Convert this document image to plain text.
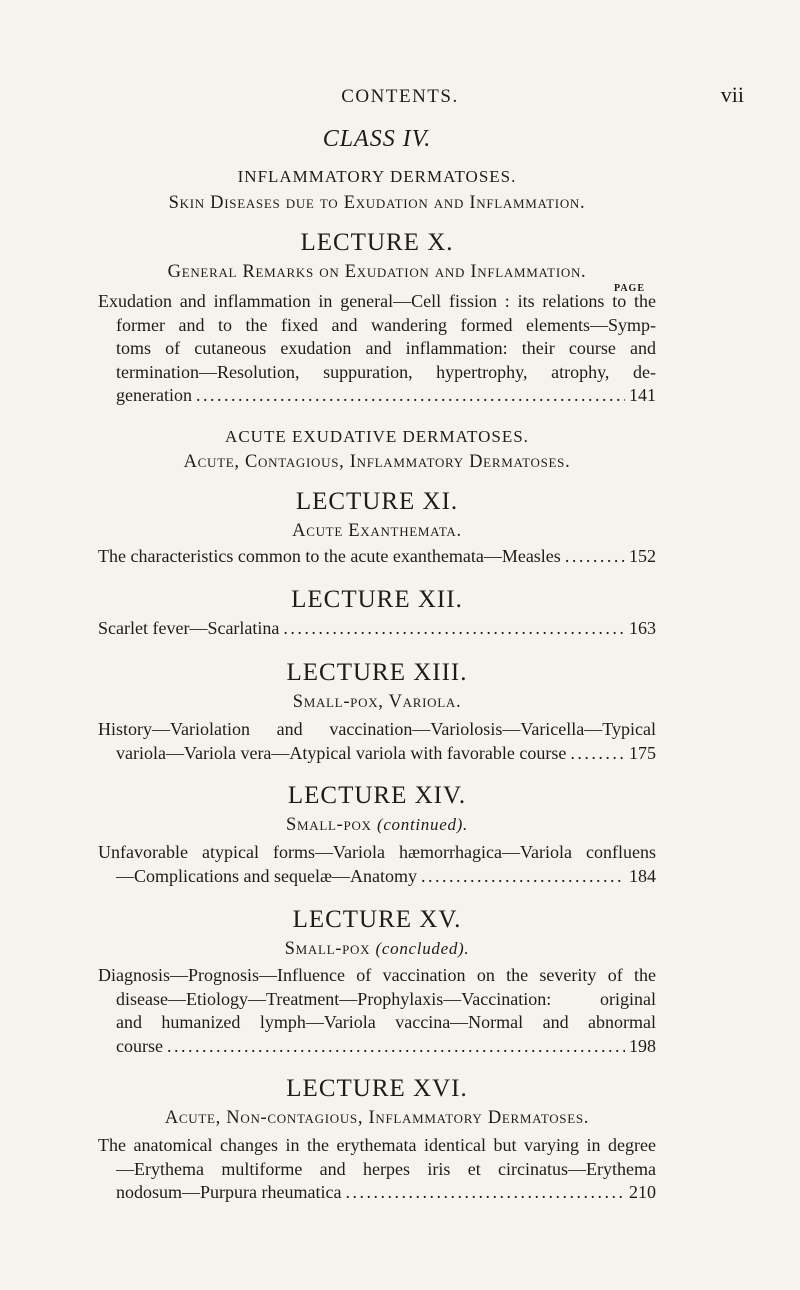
CONTENTS.	vii
CLASS IV.
INFLAMMATORY DERMATOSES.
Skin Diseases due to Exudation and Inflammation.
LECTURE X.
General Remarks on Exudation and Inflammation.
PAGE
Exudation and inflammation in general—Cell fission : its relations to the
former and to the fixed and wandering formed elements—Symp-
toms of cutaneous exudation and inflammation: their course and
termination—Resolution, suppuration, hypertrophy, atrophy, de-
generation . . .	141
ACUTE EXUDATIVE DERMATOSES.
Acute, Contagious, Inflammatory Dermatoses.
LECTURE XI.
Acute Exanthemata.
The characteristics common to the acute exanthemata—Measles . . .	152
LECTURE XII.
Scarlet fever—Scarlatina . . .	163
LECTURE XIII.
Small-pox, Variola.
History—Variolation and vaccination—Variolosis—Varicella—Typical
variola—Variola vera—Atypical variola with favorable course . . .	175
LECTURE XIV.
Small-pox (continued).
Unfavorable atypical forms—Variola hæmorrhagica—Variola confluens
—Complications and sequelæ—Anatomy . . .	184
LECTURE XV.
Small-pox (concluded).
Diagnosis—Prognosis—Influence of vaccination on the severity of the
disease—Etiology—Treatment—Prophylaxis—Vaccination: original
and humanized lymph—Variola vaccina—Normal and abnormal
course . . .	198
LECTURE XVI.
Acute, Non-contagious, Inflammatory Dermatoses.
The anatomical changes in the erythemata identical but varying in degree
—Erythema multiforme and herpes iris et circinatus—Erythema
nodosum—Purpura rheumatica . . .	210
